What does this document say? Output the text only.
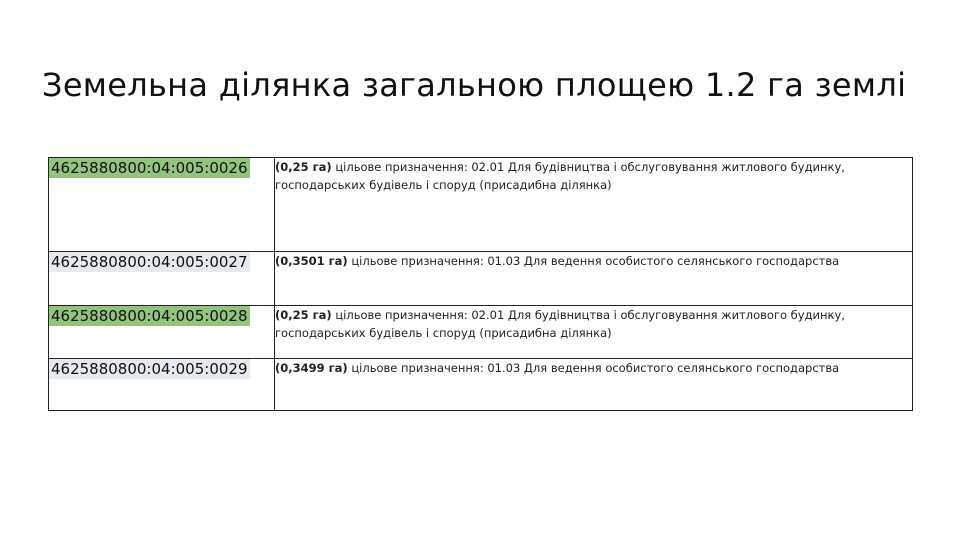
Земельна ділянка загальною площею 1.2 га землі
4625880800:04:005:0026	(0,25 га) цільове призначення: 02.01 Для будівництва і обслуговування житлового будинку, господарських будівель і споруд (присадибна ділянка)
4625880800:04:005:0027	(0,3501 га) цільове призначення: 01.03 Для ведення особистого селянського господарства
4625880800:04:005:0028	(0,25 га) цільове призначення: 02.01 Для будівництва і обслуговування житлового будинку, господарських будівель і споруд (присадибна ділянка)
4625880800:04:005:0029	(0,3499 га) цільове призначення: 01.03 Для ведення особистого селянського господарства
